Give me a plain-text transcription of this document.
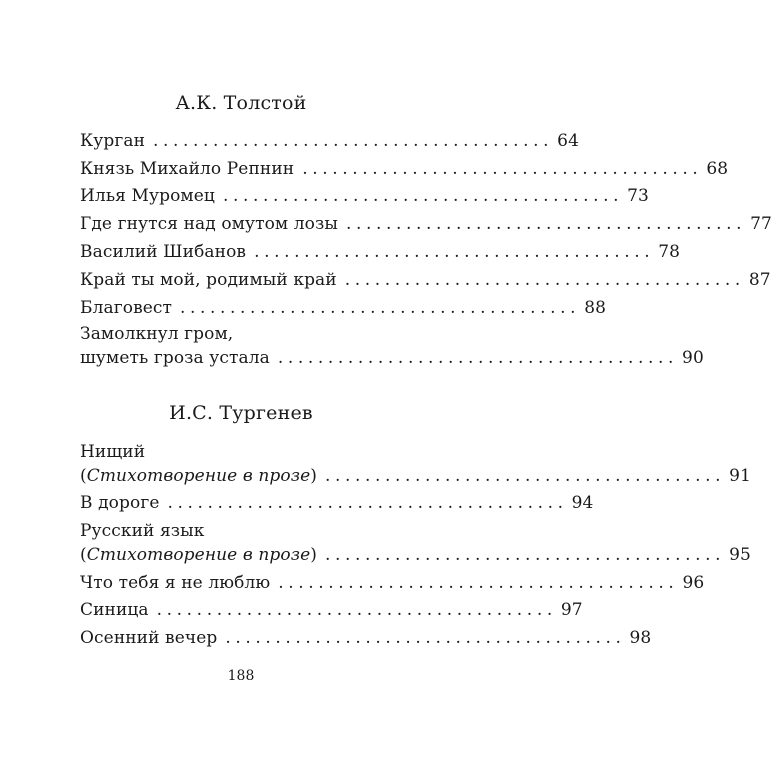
А.К. Толстой
Курган ........................................ 64
Князь Михайло Репнин ........................................ 68
Илья Муромец ........................................ 73
Где гнутся над омутом лозы ........................................ 77
Василий Шибанов ........................................ 78
Край ты мой, родимый край ........................................ 87
Благовест ........................................ 88
Замолкнул гром,
шуметь гроза устала ........................................ 90
И.С. Тургенев
Нищий
(Стихотворение в прозе) ........................................ 91
В дороге ........................................ 94
Русский язык
(Стихотворение в прозе) ........................................ 95
Что тебя я не люблю ........................................ 96
Синица ........................................ 97
Осенний вечер ........................................ 98
188
